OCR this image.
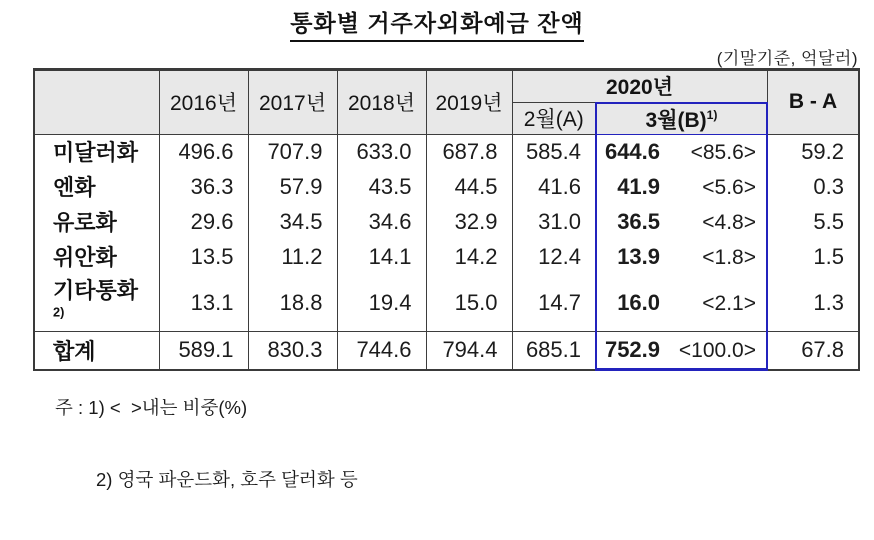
통화별 거주자외화예금 잔액
(기말기준, 억달러)
	2016년	2017년	2018년	2019년	2020년		B - A
					2월(A)	3월$(B)^{1)}$
미달러화	496.6	707.9	633.0	687.8	585.4	644.6 <85.6>	59.2
엔화	36.3	57.9	43.5	44.5	41.6	41.9 <5.6>	0.3
유로화	29.6	34.5	34.6	32.9	31.0	36.5 <4.8>	5.5
위안화	13.5	11.2	14.1	14.2	12.4	13.9 <1.8>	1.5
기타통화$^{2)}$	13.1	18.8	19.4	15.0	14.7	16.0 <2.1>	1.3
합계	589.1	830.3	744.6	794.4	685.1	752.9 <100.0>	67.8

주 : 1) <  >내는 비중(%)

2) 영국 파운드화, 호주 달러화 등
